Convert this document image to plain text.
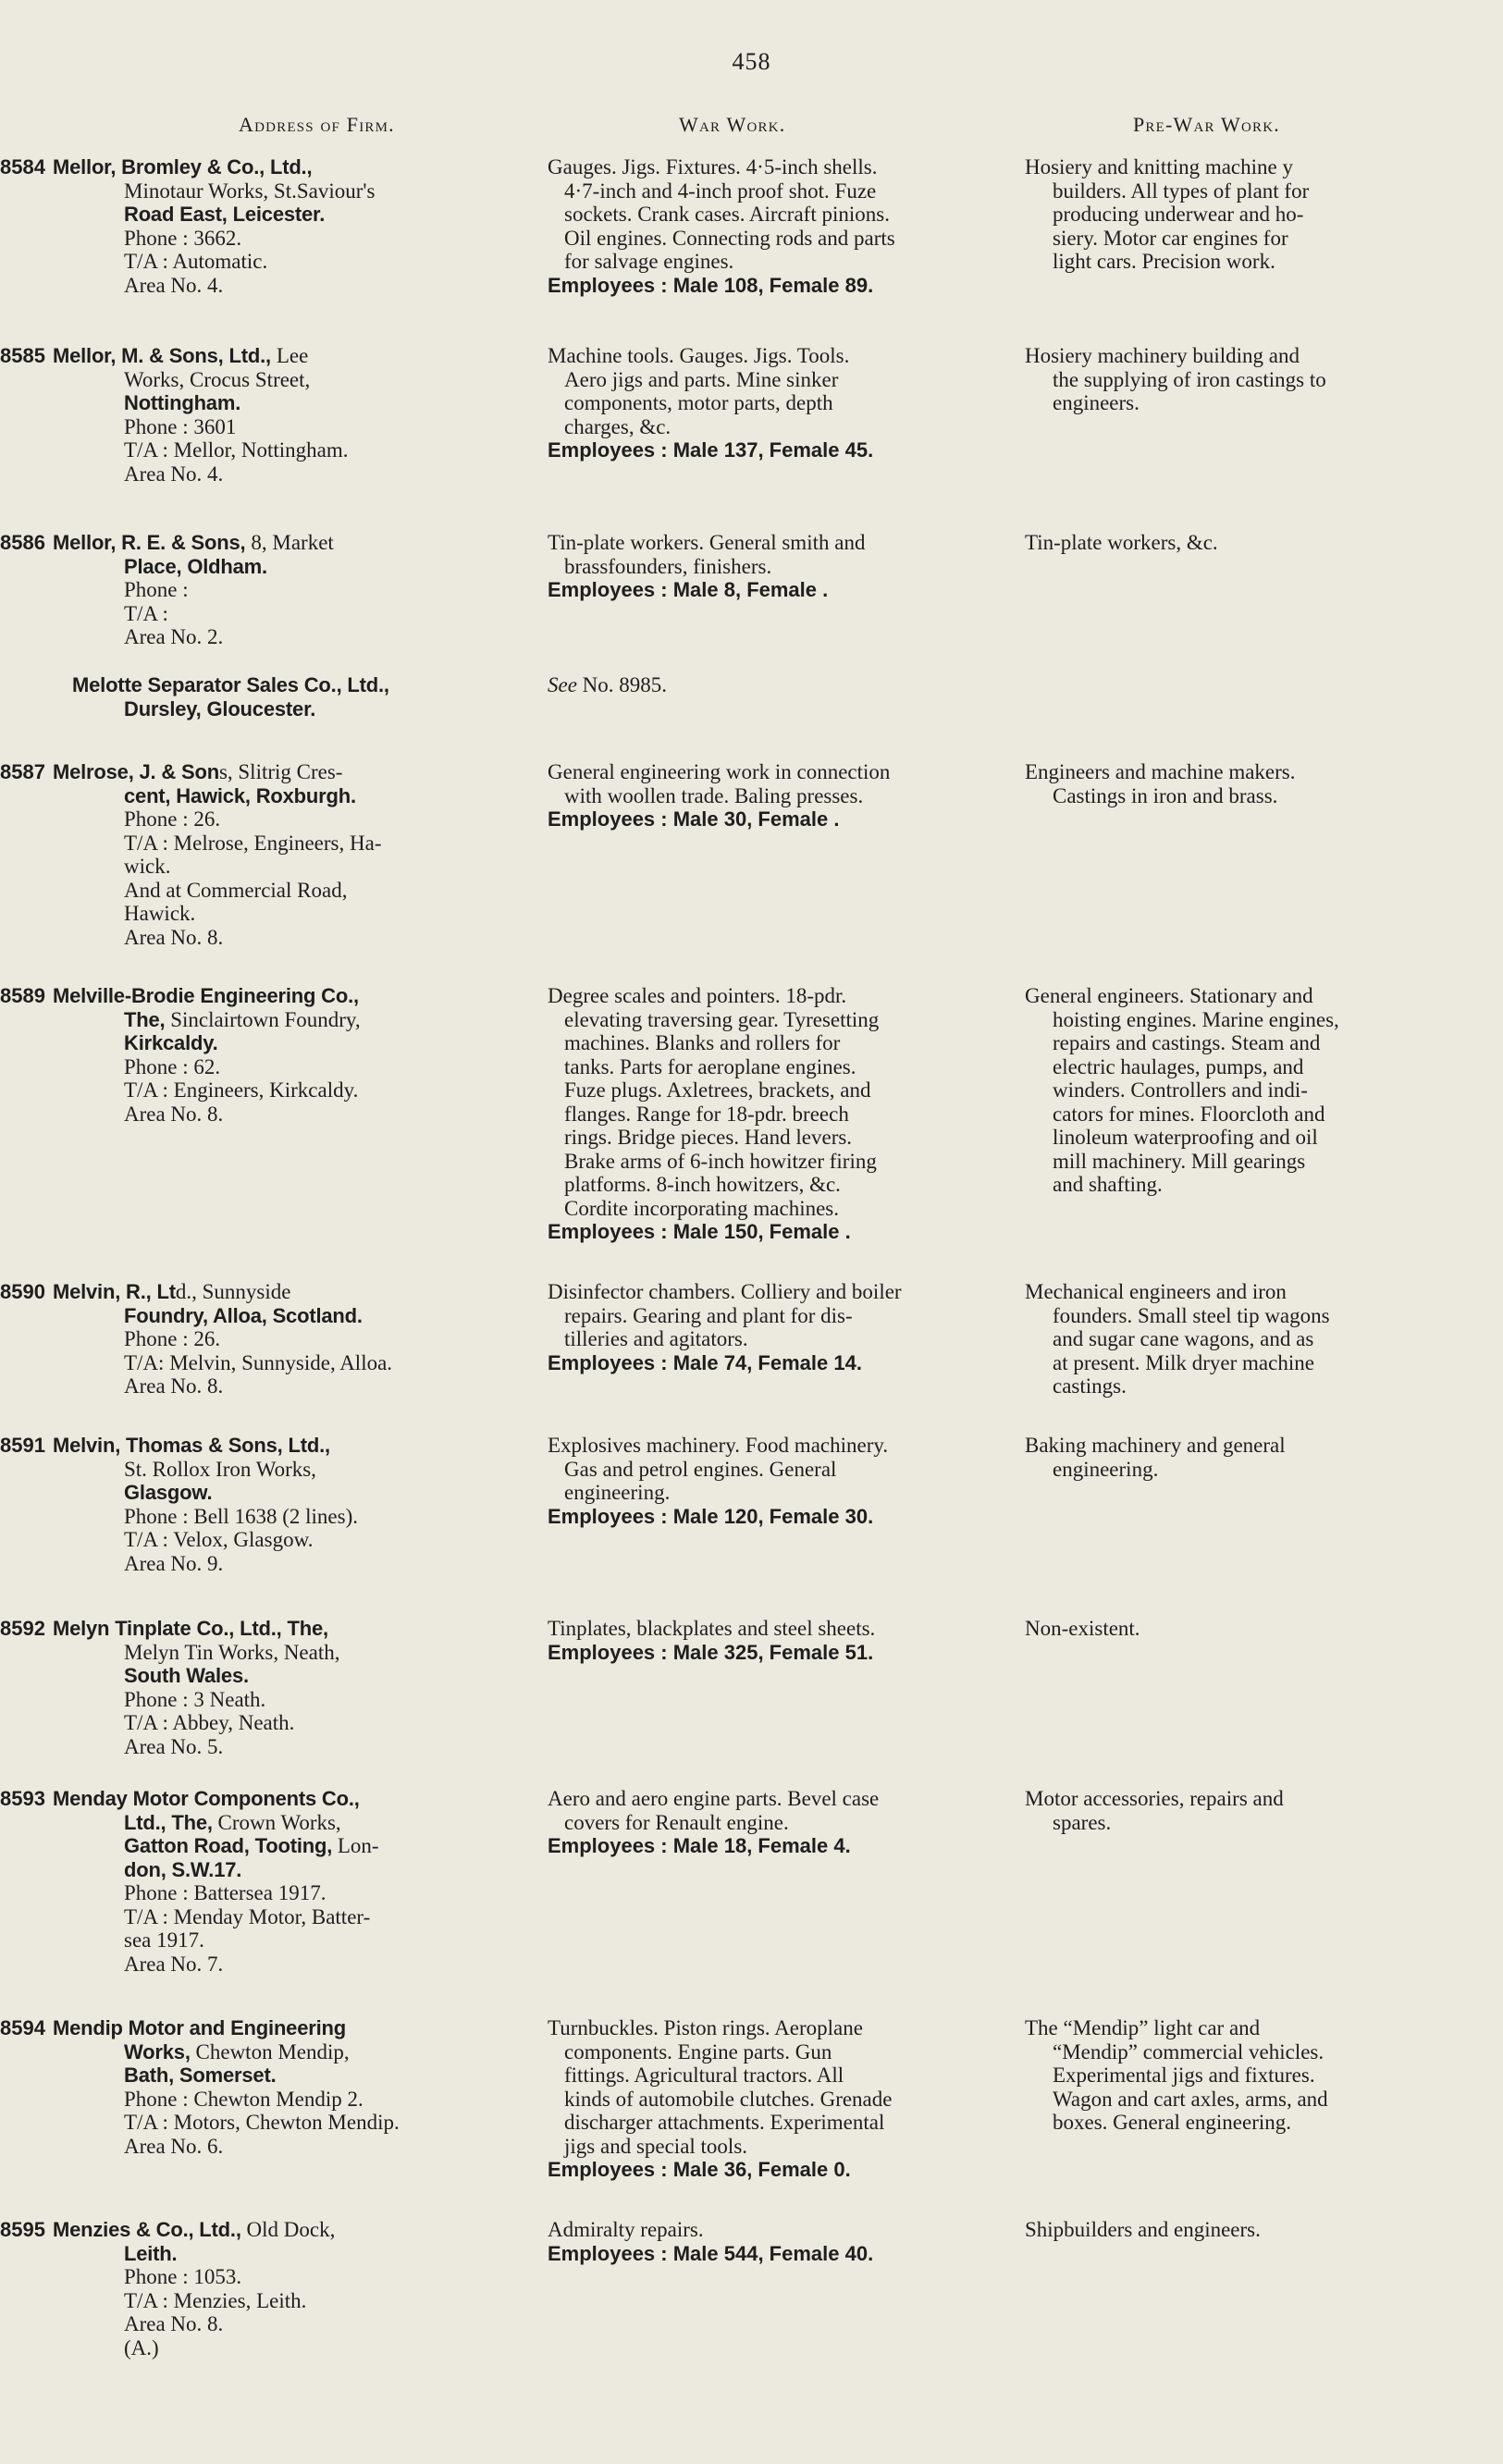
458
Address of Firm.	War Work.	Pre-War Work.
8584 Mellor, Bromley & Co., Ltd.,
Minotaur Works, St.Saviour's
Road East, Leicester.
Phone : 3662.
T/A : Automatic.
Area No. 4.
Gauges. Jigs. Fixtures. 4·5-inch shells.
4·7-inch and 4-inch proof shot. Fuze
sockets. Crank cases. Aircraft pinions.
Oil engines. Connecting rods and parts
for salvage engines.
Employees : Male 108, Female 89.
Hosiery and knitting machine y
builders. All types of plant for
producing underwear and ho-
siery. Motor car engines for
light cars. Precision work.
8585 Mellor, M. & Sons, Ltd., Lee
Works, Crocus Street,
Nottingham.
Phone : 3601
T/A : Mellor, Nottingham.
Area No. 4.
Machine tools. Gauges. Jigs. Tools.
Aero jigs and parts. Mine sinker
components, motor parts, depth
charges, &c.
Employees : Male 137, Female 45.
Hosiery machinery building and
the supplying of iron castings to
engineers.
8586 Mellor, R. E. & Sons, 8, Market
Place, Oldham.
Phone :
T/A :
Area No. 2.
Tin-plate workers. General smith and
brassfounders, finishers.
Employees : Male 8, Female .
Tin-plate workers, &c.
Melotte Separator Sales Co., Ltd.,
Dursley, Gloucester.
See No. 8985.
8587 Melrose, J. & Sons, Slitrig Cres-
cent, Hawick, Roxburgh.
Phone : 26.
T/A : Melrose, Engineers, Ha-
wick.
And at Commercial Road,
Hawick.
Area No. 8.
General engineering work in connection
with woollen trade. Baling presses.
Employees : Male 30, Female .
Engineers and machine makers.
Castings in iron and brass.
8589 Melville-Brodie Engineering Co.,
The, Sinclairtown Foundry,
Kirkcaldy.
Phone : 62.
T/A : Engineers, Kirkcaldy.
Area No. 8.
Degree scales and pointers. 18-pdr.
elevating traversing gear. Tyresetting
machines. Blanks and rollers for
tanks. Parts for aeroplane engines.
Fuze plugs. Axletrees, brackets, and
flanges. Range for 18-pdr. breech
rings. Bridge pieces. Hand levers.
Brake arms of 6-inch howitzer firing
platforms. 8-inch howitzers, &c.
Cordite incorporating machines.
Employees : Male 150, Female .
General engineers. Stationary and
hoisting engines. Marine engines,
repairs and castings. Steam and
electric haulages, pumps, and
winders. Controllers and indi-
cators for mines. Floorcloth and
linoleum waterproofing and oil
mill machinery. Mill gearings
and shafting.
8590 Melvin, R., Ltd., Sunnyside
Foundry, Alloa, Scotland.
Phone : 26.
T/A: Melvin, Sunnyside, Alloa.
Area No. 8.
Disinfector chambers. Colliery and boiler
repairs. Gearing and plant for dis-
tilleries and agitators.
Employees : Male 74, Female 14.
Mechanical engineers and iron
founders. Small steel tip wagons
and sugar cane wagons, and as
at present. Milk dryer machine
castings.
8591 Melvin, Thomas & Sons, Ltd.,
St. Rollox Iron Works,
Glasgow.
Phone : Bell 1638 (2 lines).
T/A : Velox, Glasgow.
Area No. 9.
Explosives machinery. Food machinery.
Gas and petrol engines. General
engineering.
Employees : Male 120, Female 30.
Baking machinery and general
engineering.
8592 Melyn Tinplate Co., Ltd., The,
Melyn Tin Works, Neath,
South Wales.
Phone : 3 Neath.
T/A : Abbey, Neath.
Area No. 5.
Tinplates, blackplates and steel sheets.
Employees : Male 325, Female 51.
Non-existent.
8593 Menday Motor Components Co.,
Ltd., The, Crown Works,
Gatton Road, Tooting, Lon-
don, S.W.17.
Phone : Battersea 1917.
T/A : Menday Motor, Batter-
sea 1917.
Area No. 7.
Aero and aero engine parts. Bevel case
covers for Renault engine.
Employees : Male 18, Female 4.
Motor accessories, repairs and
spares.
8594 Mendip Motor and Engineering
Works, Chewton Mendip,
Bath, Somerset.
Phone : Chewton Mendip 2.
T/A : Motors, Chewton Mendip.
Area No. 6.
Turnbuckles. Piston rings. Aeroplane
components. Engine parts. Gun
fittings. Agricultural tractors. All
kinds of automobile clutches. Grenade
discharger attachments. Experimental
jigs and special tools.
Employees : Male 36, Female 0.
The “Mendip” light car and
“Mendip” commercial vehicles.
Experimental jigs and fixtures.
Wagon and cart axles, arms, and
boxes. General engineering.
8595 Menzies & Co., Ltd., Old Dock,
Leith.
Phone : 1053.
T/A : Menzies, Leith.
Area No. 8.
(A.)
Admiralty repairs.
Employees : Male 544, Female 40.
Shipbuilders and engineers.
